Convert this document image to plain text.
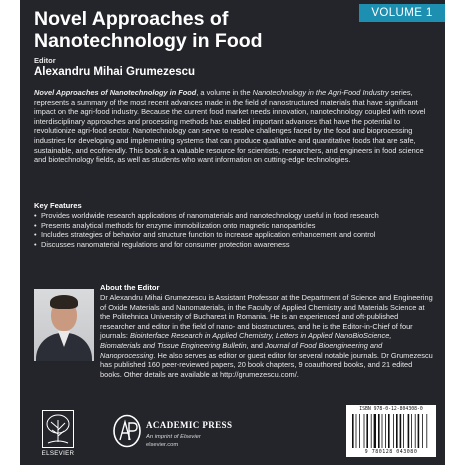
VOLUME 1
Novel Approaches of
Nanotechnology in Food
Editor
Alexandru Mihai Grumezescu

Novel Approaches of Nanotechnology in Food, a volume in the Nanotechnology in the Agri-Food Industry series, represents a summary of the most recent advances made in the field of nanostructured materials that have significant impact on the agri-food industry. Because the current food market needs innovation, nanotechnology coupled with novel interdisciplinary approaches and processing methods has enabled important advances that have the potential to revolutionize agri-food sector. Nanotechnology can serve to resolve challenges faced by the food and bioprocessing industries for developing and implementing systems that can produce qualitative and quantitative foods that are safe, sustainable, and ecofriendly. This book is a valuable resource for scientists, researchers, and engineers in food science and biotechnology fields, as well as students who want information on cutting-edge technologies.

Key Features
• Provides worldwide research applications of nanomaterials and nanotechnology useful in food research
• Presents analytical methods for enzyme immobilization onto magnetic nanoparticles
• Includes strategies of behavior and structure function to increase application enhancement and control
• Discusses nanomaterial regulations and for consumer protection awareness
About the Editor

Dr Alexandru Mihai Grumezescu is Assistant Professor at the Department of Science and Engineering of Oxide Materials and Nanomaterials, in the Faculty of Applied Chemistry and Materials Science at the Politehnica University of Bucharest in Romania. He is an experienced and oft-published researcher and editor in the field of nano- and biostructures, and he is the Editor-in-Chief of four journals: Biointerface Research in Applied Chemistry, Letters in Applied NanoBioScience, Biomaterials and Tissue Engineering Bulletin, and Journal of Food Bioengineering and Nanoprocessing. He also serves as editor or guest editor for several notable journals. Dr Grumezescu has published 160 peer-reviewed papers, 20 book chapters, 9 coauthored books, and 21 edited books. Other details are available at http://grumezescu.com/.

ELSEVIER
ACADEMIC PRESS
An imprint of Elsevier
elsevier.com
ISBN 978-0-12-804308-0
9 780128 043080
